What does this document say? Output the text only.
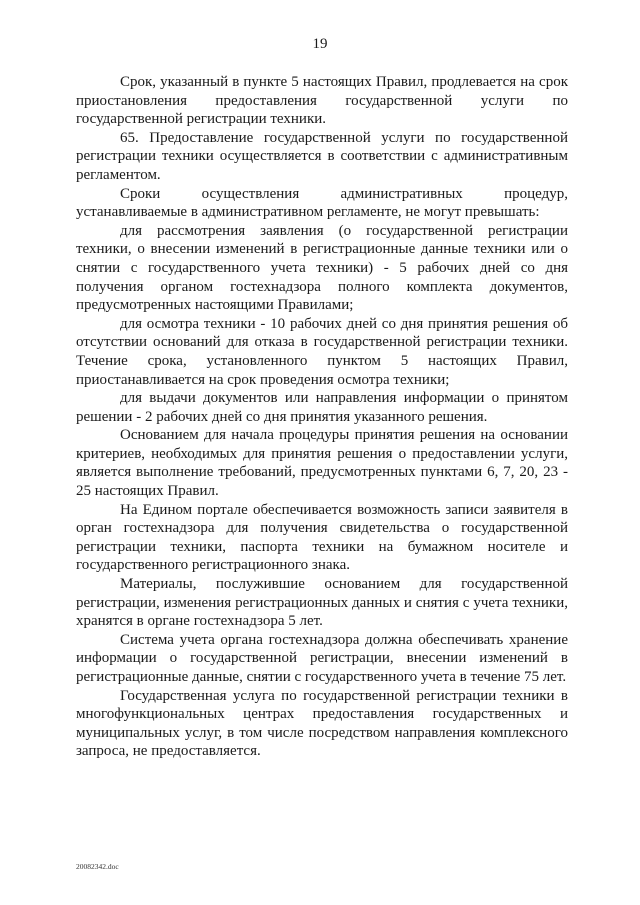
19

Срок, указанный в пункте 5 настоящих Правил, продлевается на срок приостановления предоставления государственной услуги по государственной регистрации техники.

65. Предоставление государственной услуги по государственной регистрации техники осуществляется в соответствии с административным регламентом.

Сроки осуществления административных процедур, устанавливаемые в административном регламенте, не могут превышать:

для рассмотрения заявления (о государственной регистрации техники, о внесении изменений в регистрационные данные техники или о снятии с государственного учета техники) - 5 рабочих дней со дня получения органом гостехнадзора полного комплекта документов, предусмотренных настоящими Правилами;

для осмотра техники - 10 рабочих дней со дня принятия решения об отсутствии оснований для отказа в государственной регистрации техники. Течение срока, установленного пунктом 5 настоящих Правил, приостанавливается на срок проведения осмотра техники;

для выдачи документов или направления информации о принятом решении - 2 рабочих дней со дня принятия указанного решения.

Основанием для начала процедуры принятия решения на основании критериев, необходимых для принятия решения о предоставлении услуги, является выполнение требований, предусмотренных пунктами 6, 7, 20, 23 - 25 настоящих Правил.

На Едином портале обеспечивается возможность записи заявителя в орган гостехнадзора для получения свидетельства о государственной регистрации техники, паспорта техники на бумажном носителе и государственного регистрационного знака.

Материалы, послужившие основанием для государственной регистрации, изменения регистрационных данных и снятия с учета техники, хранятся в органе гостехнадзора 5 лет.

Система учета органа гостехнадзора должна обеспечивать хранение информации о государственной регистрации, внесении изменений в регистрационные данные, снятии с государственного учета в течение 75 лет.

Государственная услуга по государственной регистрации техники в многофункциональных центрах предоставления государственных и муниципальных услуг, в том числе посредством направления комплексного запроса, не предоставляется.

20082342.doc
